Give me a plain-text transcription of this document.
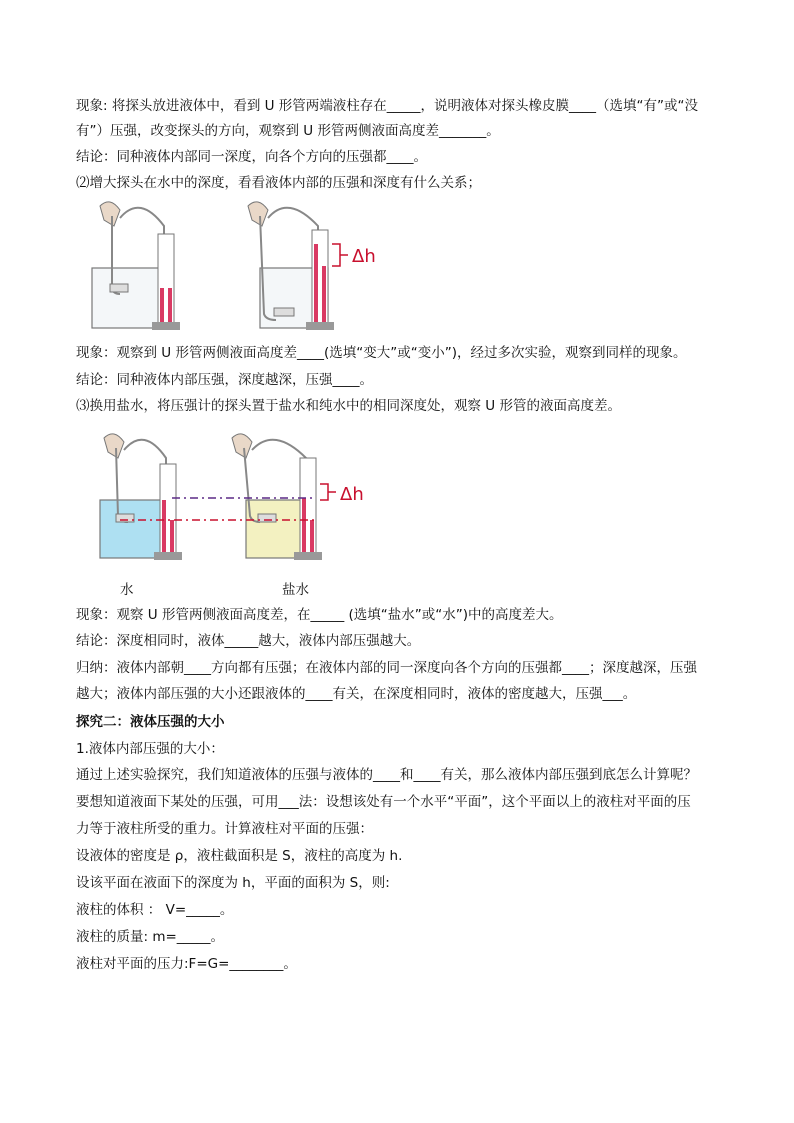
现象: 将探头放进液体中，看到 U 形管两端液柱存在_____，说明液体对探头橡皮膜____（选填“有”或“没
有”）压强，改变探头的方向，观察到 U 形管两侧液面高度差_______。
结论：同种液体内部同一深度，向各个方向的压强都____。
⑵增大探头在水中的深度，看看液体内部的压强和深度有什么关系；
Δh
现象：观察到 U 形管两侧液面高度差____(选填“变大”或“变小”)，经过多次实验，观察到同样的现象。
结论：同种液体内部压强，深度越深，压强____。
⑶换用盐水，将压强计的探头置于盐水和纯水中的相同深度处，观察 U 形管的液面高度差。
Δh
水	盐水
现象：观察 U 形管两侧液面高度差，在_____ (选填“盐水”或“水”)中的高度差大。
结论：深度相同时，液体_____越大，液体内部压强越大。
归纳：液体内部朝____方向都有压强；在液体内部的同一深度向各个方向的压强都____；深度越深，压强
越大；液体内部压强的大小还跟液体的____有关，在深度相同时，液体的密度越大，压强___。
探究二：液体压强的大小
1.液体内部压强的大小：
通过上述实验探究，我们知道液体的压强与液体的____和____有关，那么液体内部压强到底怎么计算呢？
要想知道液面下某处的压强，可用___法：设想该处有一个水平“平面”，这个平面以上的液柱对平面的压
力等于液柱所受的重力。计算液柱对平面的压强：
设液体的密度是 ρ，液柱截面积是 S，液柱的高度为 h.
设该平面在液面下的深度为 h，平面的面积为 S，则:
液柱的体积 ： V=_____。
液柱的质量: m=_____。
液柱对平面的压力:F=G=________。
